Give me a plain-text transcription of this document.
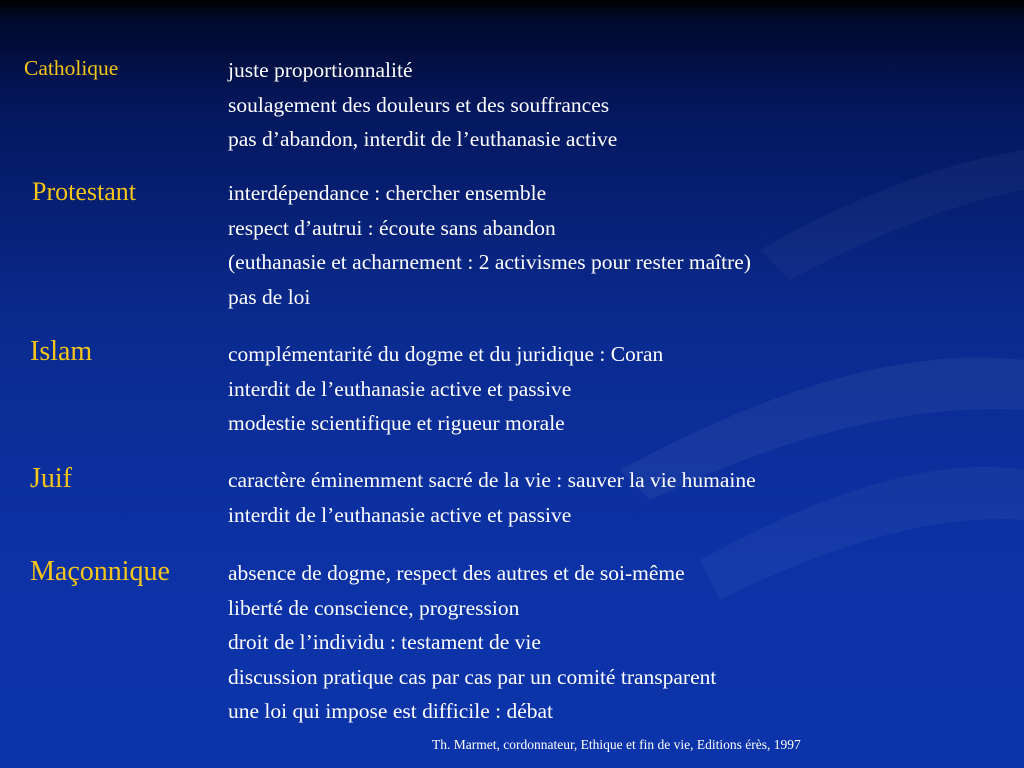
Catholique	juste proportionnalité
soulagement des douleurs et des souffrances
pas d’abandon, interdit de l’euthanasie active
Protestant	interdépendance : chercher ensemble
respect d’autrui : écoute sans abandon
(euthanasie et acharnement : 2 activismes pour rester maître)
pas de loi
Islam	complémentarité du dogme et du juridique : Coran
interdit de l’euthanasie active et passive
modestie scientifique et rigueur morale
Juif	caractère éminemment sacré de la vie : sauver la vie humaine
interdit de l’euthanasie active et passive
Maçonnique	absence de dogme, respect des autres et de soi-même
liberté de conscience, progression
droit de l’individu : testament de vie
discussion pratique cas par cas par un comité transparent
une loi qui impose est difficile : débat
Th. Marmet, cordonnateur, Ethique et fin de vie, Editions érès, 1997
